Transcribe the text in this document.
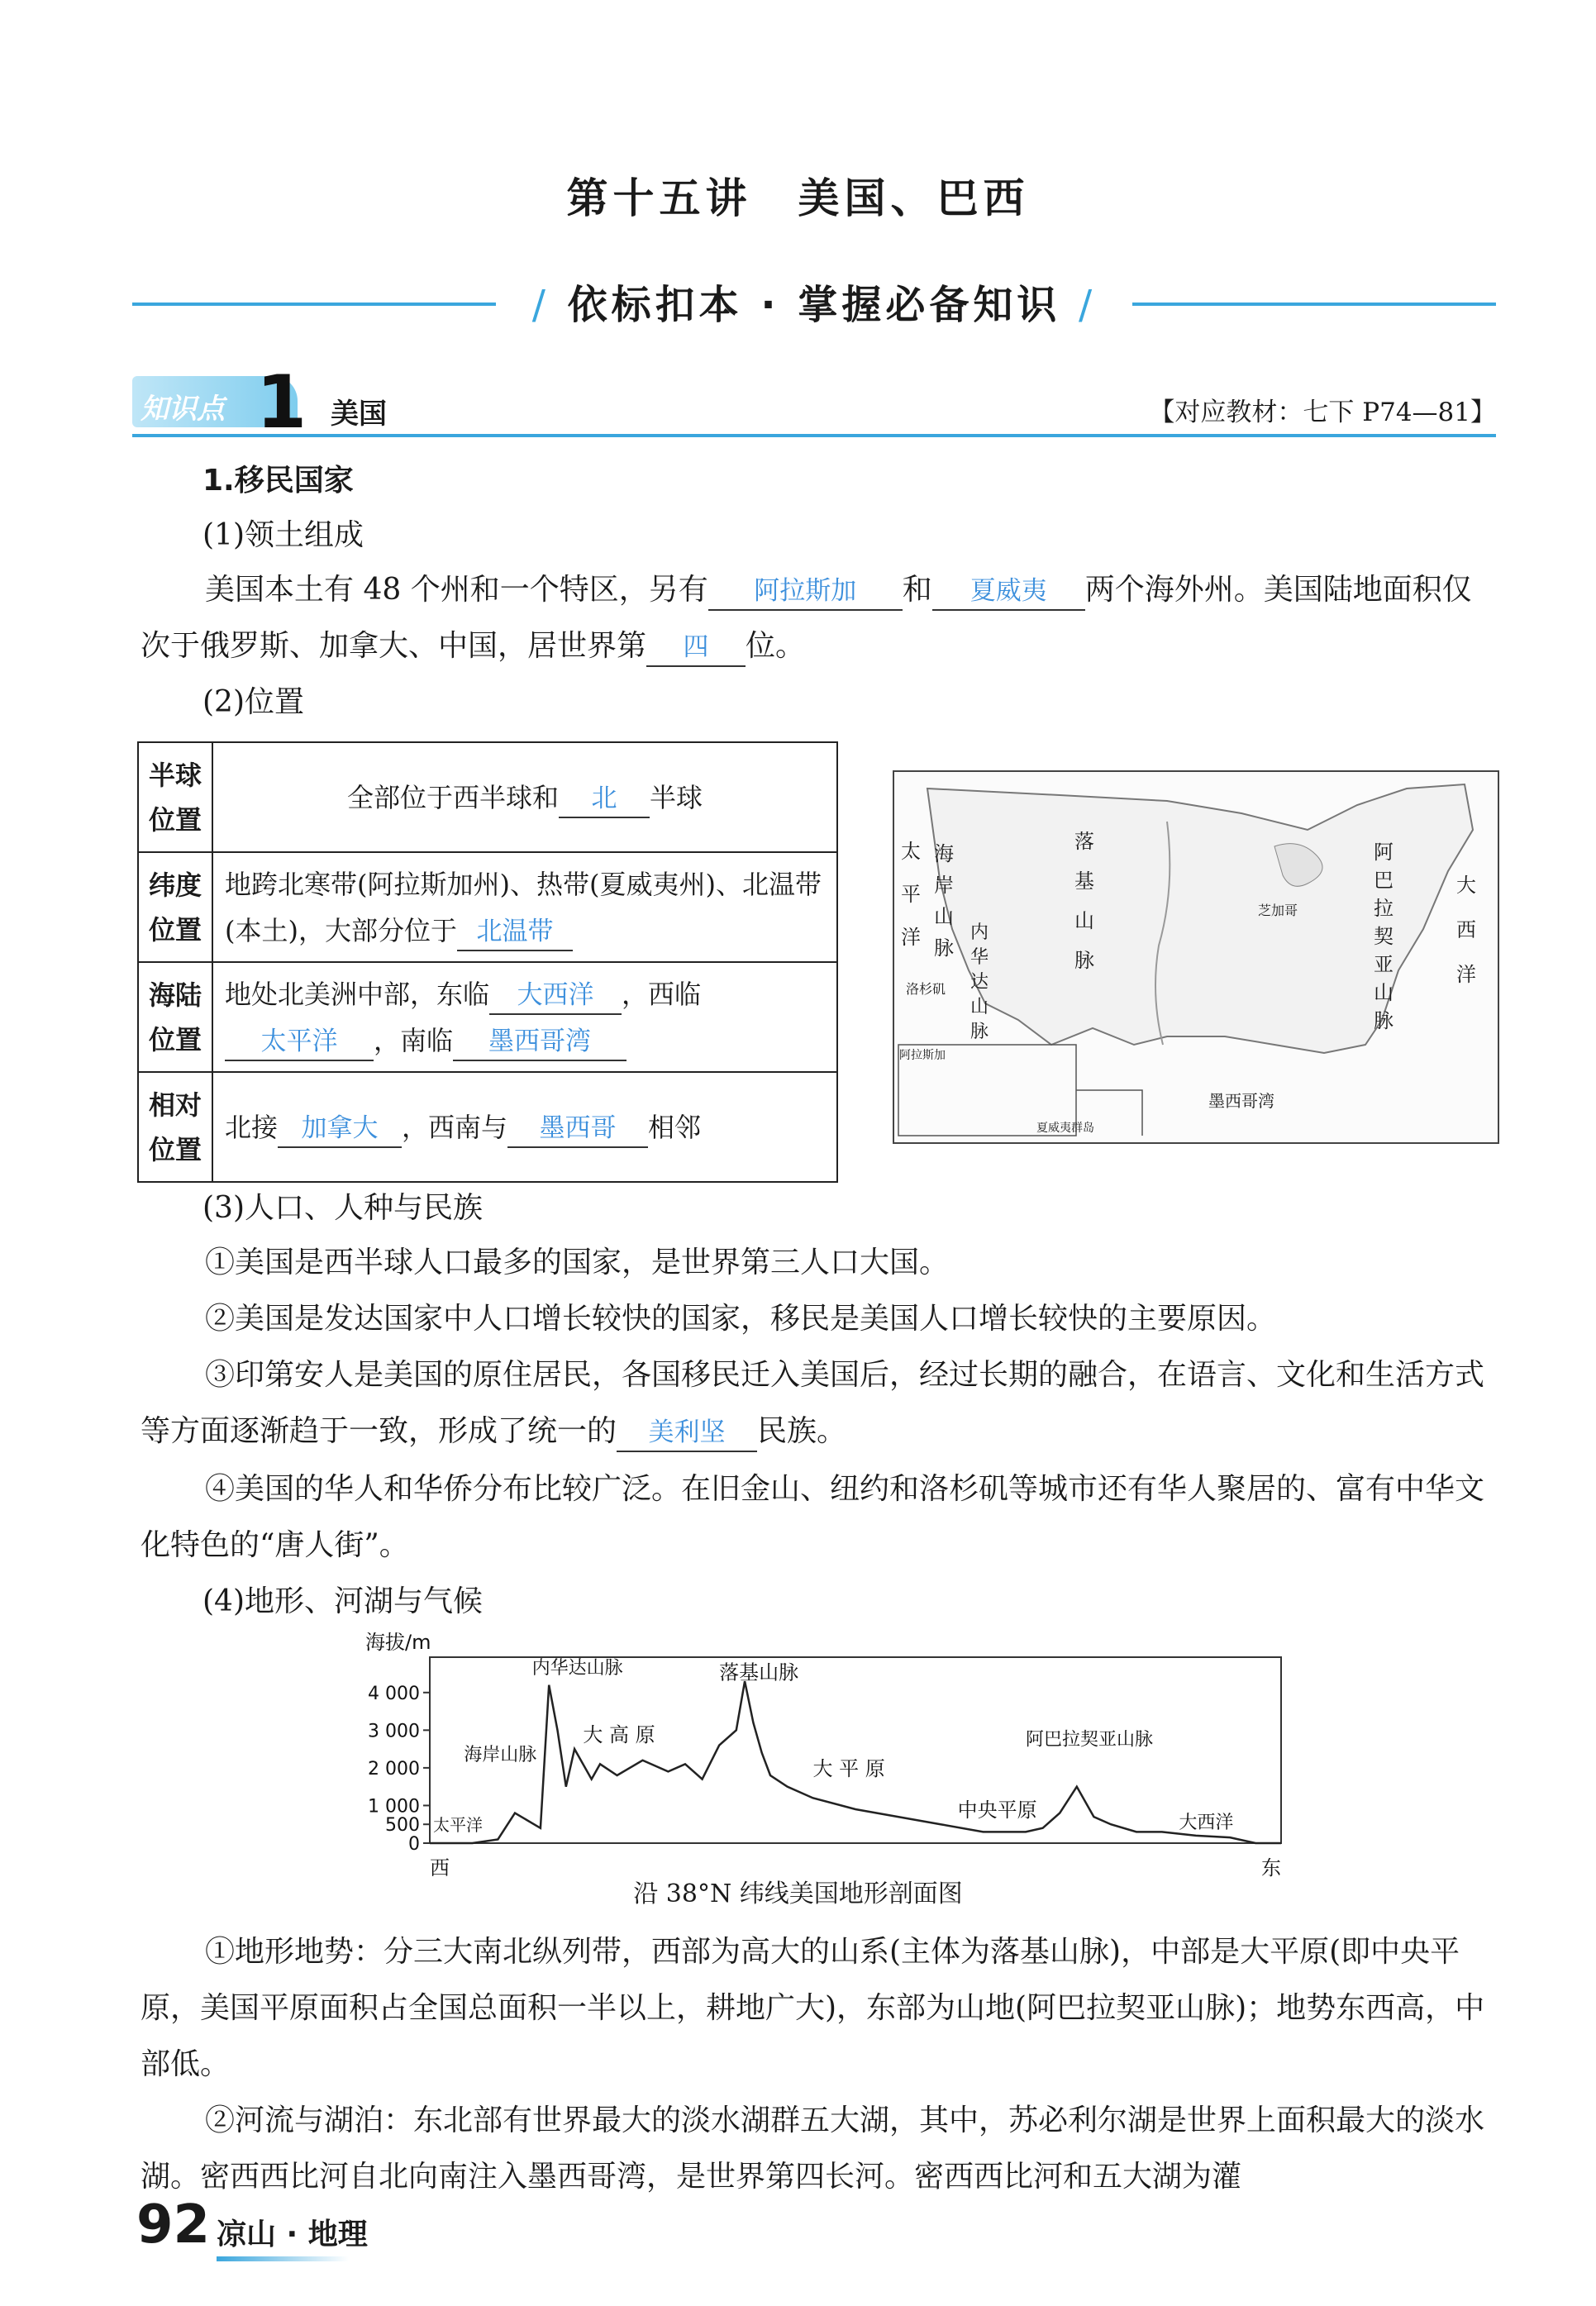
第十五讲　美国、巴西
/ 依标扣本 · 掌握必备知识 /
知识点 1 美国	【对应教材：七下 P74—81】
1.移民国家
(1)领土组成
美国本土有 48 个州和一个特区，另有 阿拉斯加 和 夏威夷 两个海外州。美国陆地面积仅次于俄罗斯、加拿大、中国，居世界第 四 位。
(2)位置
半球
位置	全部位于西半球和 北 半球
纬度
位置	地跨北寒带(阿拉斯加州)、热带(夏威夷州)、北温带(本土)，大部分位于 北温带
海陆
位置	地处北美洲中部，东临 大西洋 ，西临
太平洋 ，南临 墨西哥湾
相对
位置	北接 加拿大 ，西南与 墨西哥 相邻
太平洋
海岸山脉
内华达山脉
落基山脉
阿巴拉契亚山脉
大西洋
洛杉矶
芝加哥
墨西哥湾
阿拉斯加
夏威夷群岛
(3)人口、人种与民族
①美国是西半球人口最多的国家，是世界第三人口大国。
②美国是发达国家中人口增长较快的国家，移民是美国人口增长较快的主要原因。
③印第安人是美国的原住居民，各国移民迁入美国后，经过长期的融合，在语言、文化和生活方式等方面逐渐趋于一致，形成了统一的 美利坚 民族。
④美国的华人和华侨分布比较广泛。在旧金山、纽约和洛杉矶等城市还有华人聚居的、富有中华文化特色的“唐人街”。
(4)地形、河湖与气候
4 000
3 000
2 000
1 000
500
0
海拔/m
西	东
太平洋
海岸山脉
内华达山脉
大 高 原
落基山脉
大 平 原
中央平原
阿巴拉契亚山脉
大西洋
沿 38°N 纬线美国地形剖面图
①地形地势：分三大南北纵列带，西部为高大的山系(主体为落基山脉)，中部是大平原(即中央平原，美国平原面积占全国总面积一半以上，耕地广大)，东部为山地(阿巴拉契亚山脉)；地势东西高，中部低。
②河流与湖泊：东北部有世界最大的淡水湖群五大湖，其中，苏必利尔湖是世界上面积最大的淡水湖。密西西比河自北向南注入墨西哥湾，是世界第四长河。密西西比河和五大湖为灌
92 凉山 · 地理
